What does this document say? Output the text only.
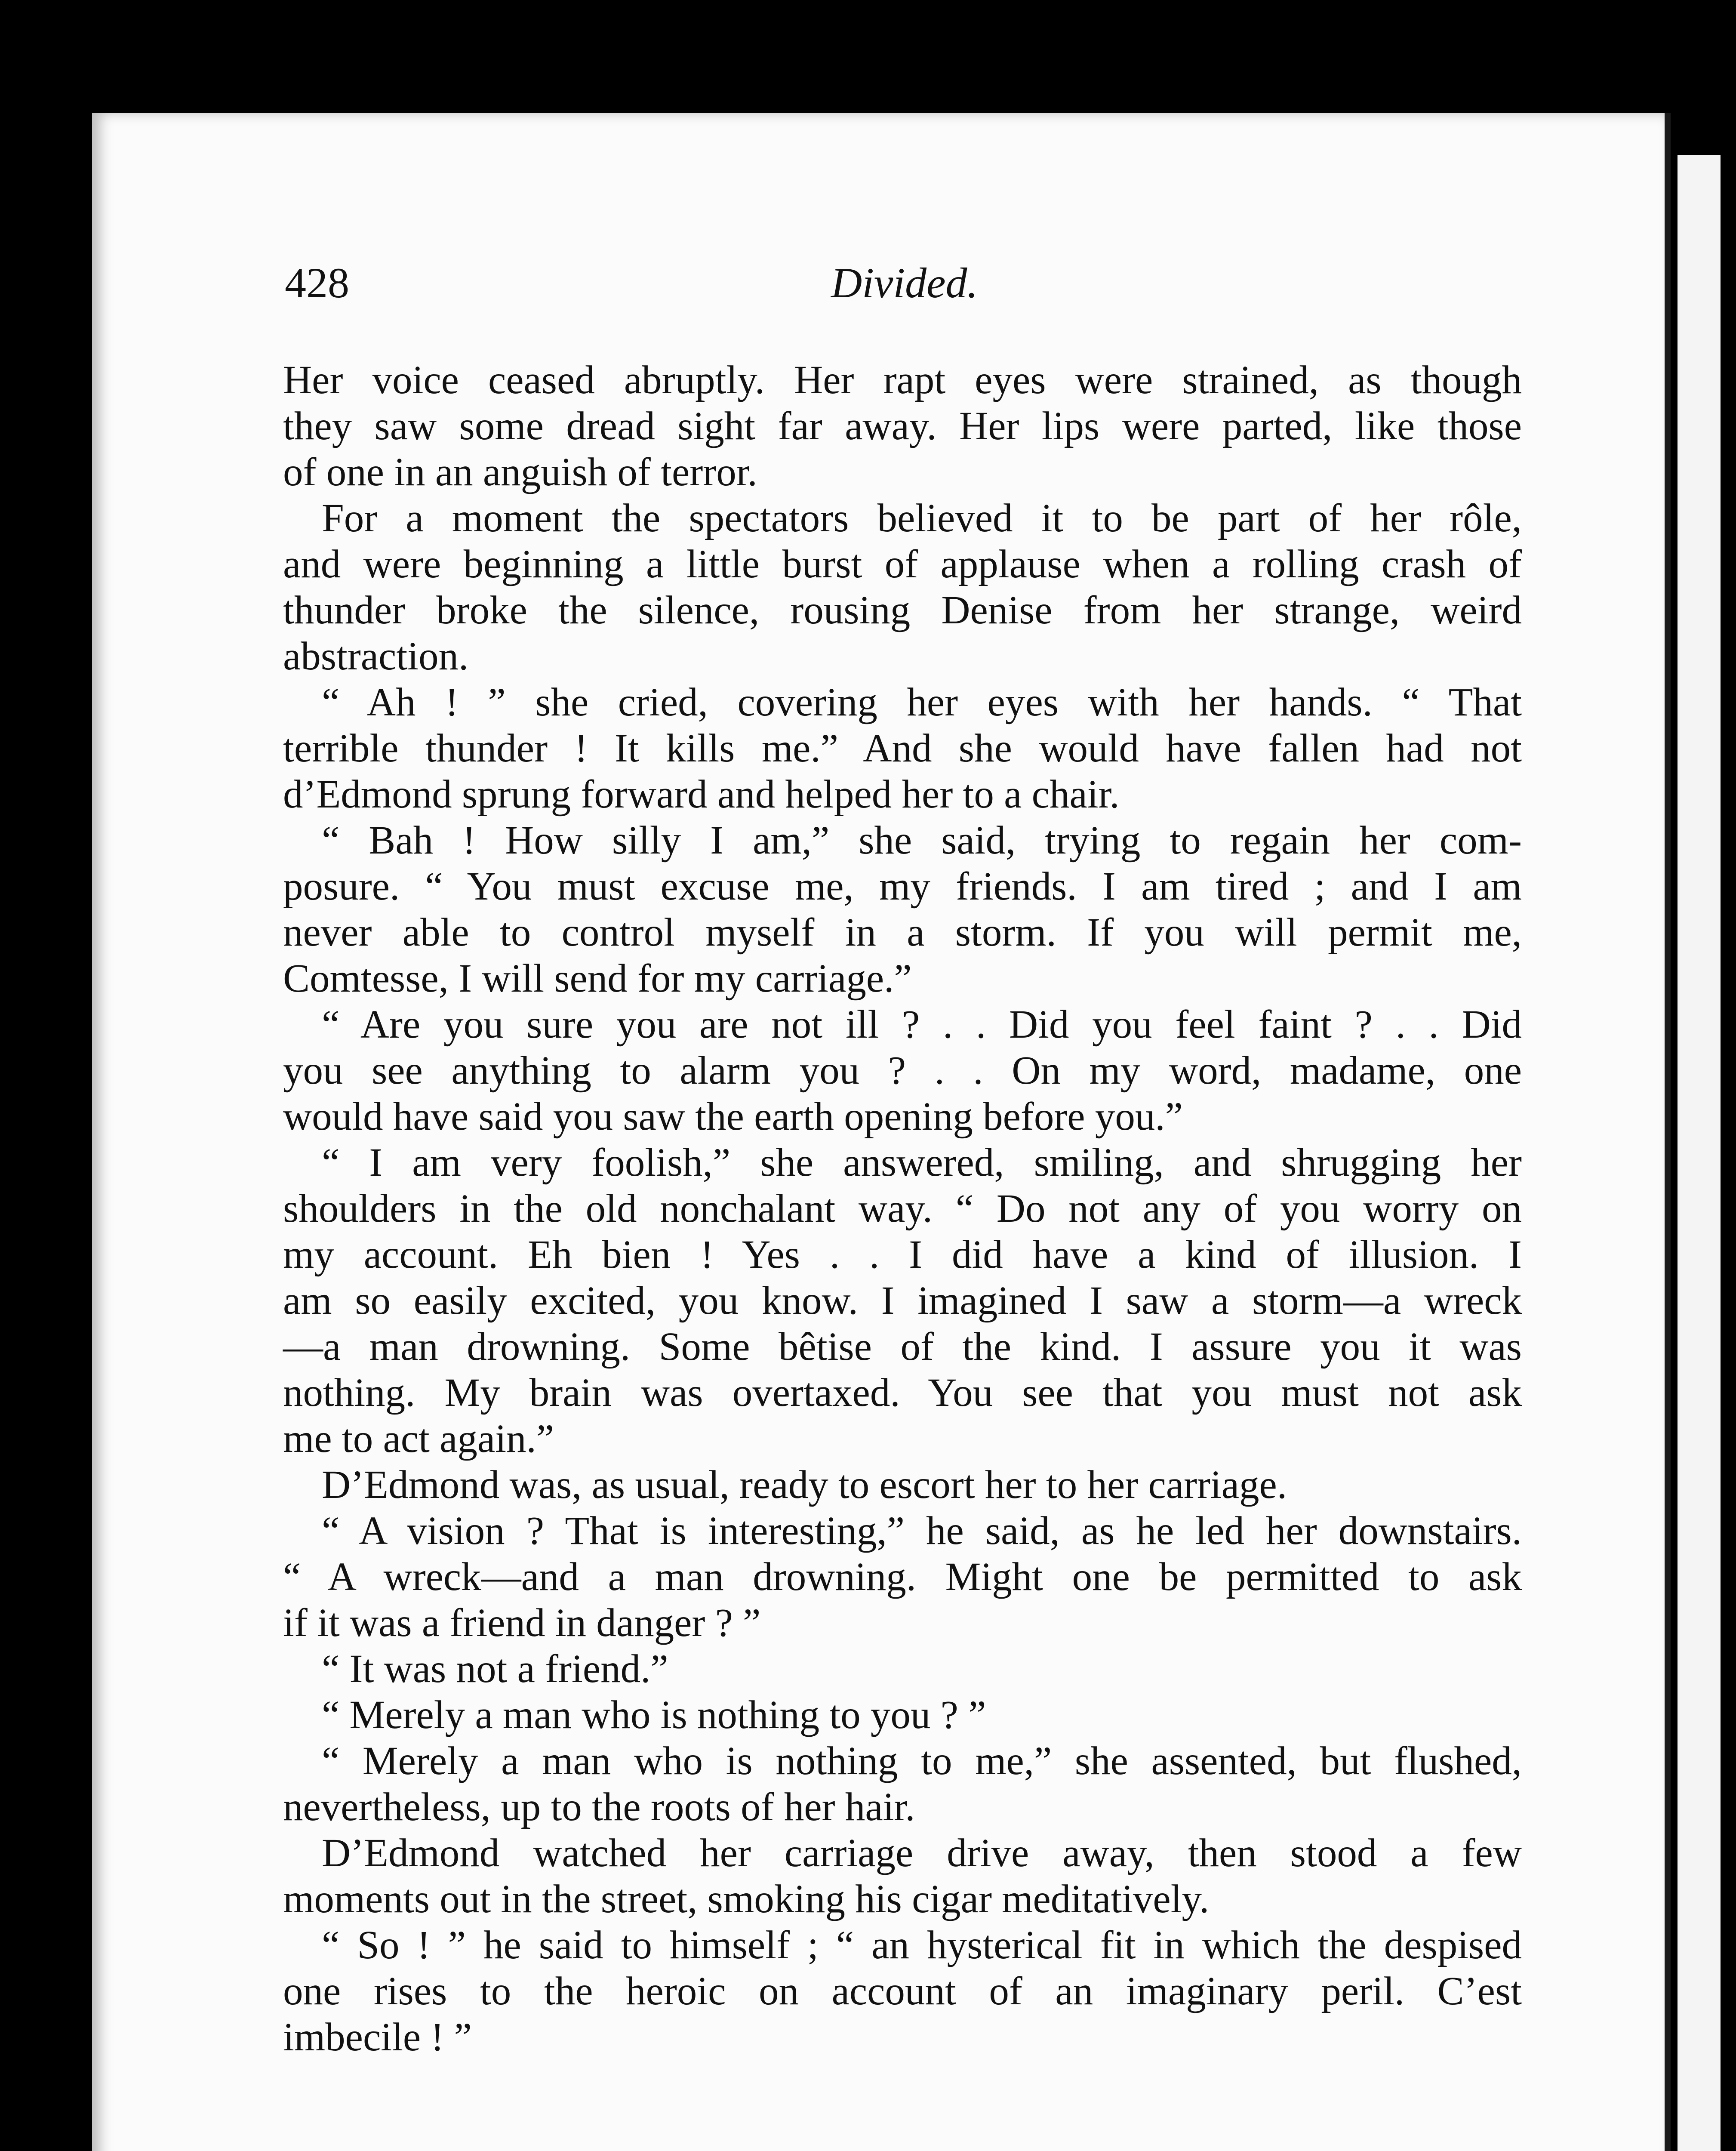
428	Divided.
Her voice ceased abruptly. Her rapt eyes were strained, as though
they saw some dread sight far away. Her lips were parted, like those
of one in an anguish of terror.
For a moment the spectators believed it to be part of her rôle,
and were beginning a little burst of applause when a rolling crash of
thunder broke the silence, rousing Denise from her strange, weird
abstraction.
“ Ah ! ” she cried, covering her eyes with her hands. “ That
terrible thunder ! It kills me.” And she would have fallen had not
d’Edmond sprung forward and helped her to a chair.
“ Bah ! How silly I am,” she said, trying to regain her com-
posure. “ You must excuse me, my friends. I am tired ; and I am
never able to control myself in a storm. If you will permit me,
Comtesse, I will send for my carriage.”
“ Are you sure you are not ill ? . . Did you feel faint ? . . Did
you see anything to alarm you ? . . On my word, madame, one
would have said you saw the earth opening before you.”
“ I am very foolish,” she answered, smiling, and shrugging her
shoulders in the old nonchalant way. “ Do not any of you worry on
my account. Eh bien ! Yes . . I did have a kind of illusion. I
am so easily excited, you know. I imagined I saw a storm—a wreck
—a man drowning. Some bêtise of the kind. I assure you it was
nothing. My brain was overtaxed. You see that you must not ask
me to act again.”
D’Edmond was, as usual, ready to escort her to her carriage.
“ A vision ? That is interesting,” he said, as he led her downstairs.
“ A wreck—and a man drowning. Might one be permitted to ask
if it was a friend in danger ? ”
“ It was not a friend.”
“ Merely a man who is nothing to you ? ”
“ Merely a man who is nothing to me,” she assented, but flushed,
nevertheless, up to the roots of her hair.
D’Edmond watched her carriage drive away, then stood a few
moments out in the street, smoking his cigar meditatively.
“ So ! ” he said to himself ; “ an hysterical fit in which the despised
one rises to the heroic on account of an imaginary peril. C’est
imbecile ! ”
